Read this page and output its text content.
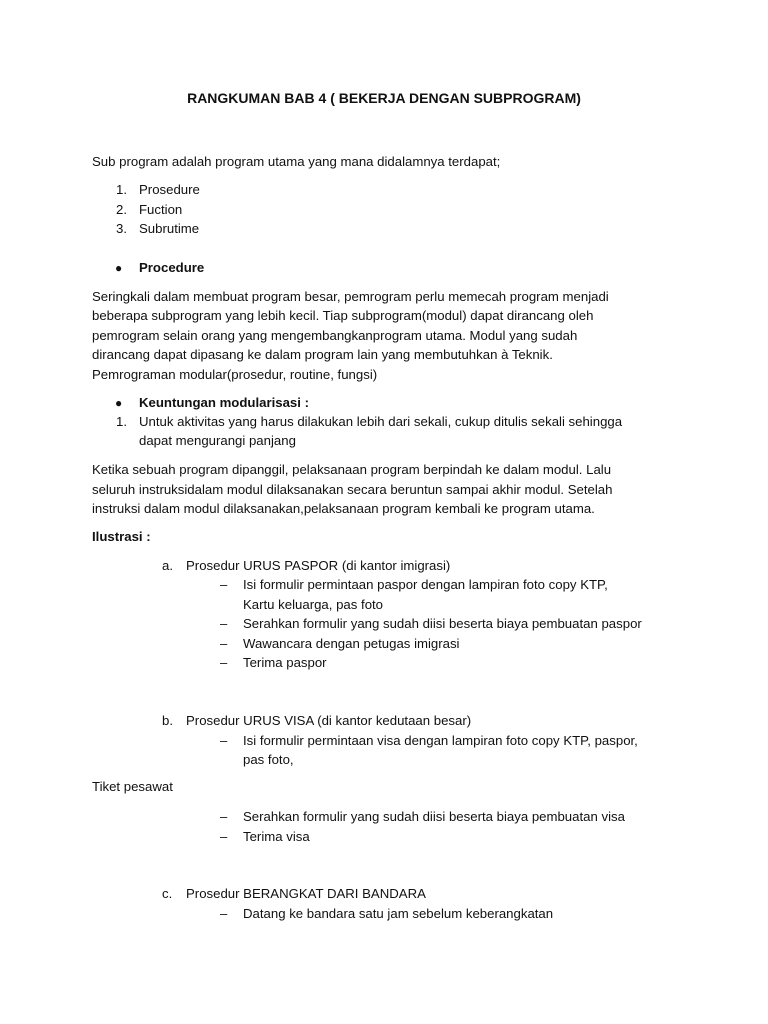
RANGKUMAN BAB 4 ( BEKERJA DENGAN SUBPROGRAM)
Sub program adalah program utama yang mana didalamnya terdapat;
1. Prosedure
2. Fuction
3. Subrutime
● Procedure
Seringkali dalam membuat program besar, pemrogram perlu memecah program menjadi
beberapa subprogram yang lebih kecil. Tiap subprogram(modul) dapat dirancang oleh
pemrogram selain orang yang mengembangkanprogram utama. Modul yang sudah
dirancang dapat dipasang ke dalam program lain yang membutuhkan à Teknik.
Pemrograman modular(prosedur, routine, fungsi)
● Keuntungan modularisasi :
1. Untuk aktivitas yang harus dilakukan lebih dari sekali, cukup ditulis sekali sehingga
dapat mengurangi panjang
Ketika sebuah program dipanggil, pelaksanaan program berpindah ke dalam modul. Lalu
seluruh instruksidalam modul dilaksanakan secara beruntun sampai akhir modul. Setelah
instruksi dalam modul dilaksanakan,pelaksanaan program kembali ke program utama.
Ilustrasi :
a. Prosedur URUS PASPOR (di kantor imigrasi)
– Isi formulir permintaan paspor dengan lampiran foto copy KTP,
Kartu keluarga, pas foto
– Serahkan formulir yang sudah diisi beserta biaya pembuatan paspor
– Wawancara dengan petugas imigrasi
– Terima paspor
b. Prosedur URUS VISA (di kantor kedutaan besar)
– Isi formulir permintaan visa dengan lampiran foto copy KTP, paspor,
pas foto,
Tiket pesawat
– Serahkan formulir yang sudah diisi beserta biaya pembuatan visa
– Terima visa
c. Prosedur BERANGKAT DARI BANDARA
– Datang ke bandara satu jam sebelum keberangkatan
